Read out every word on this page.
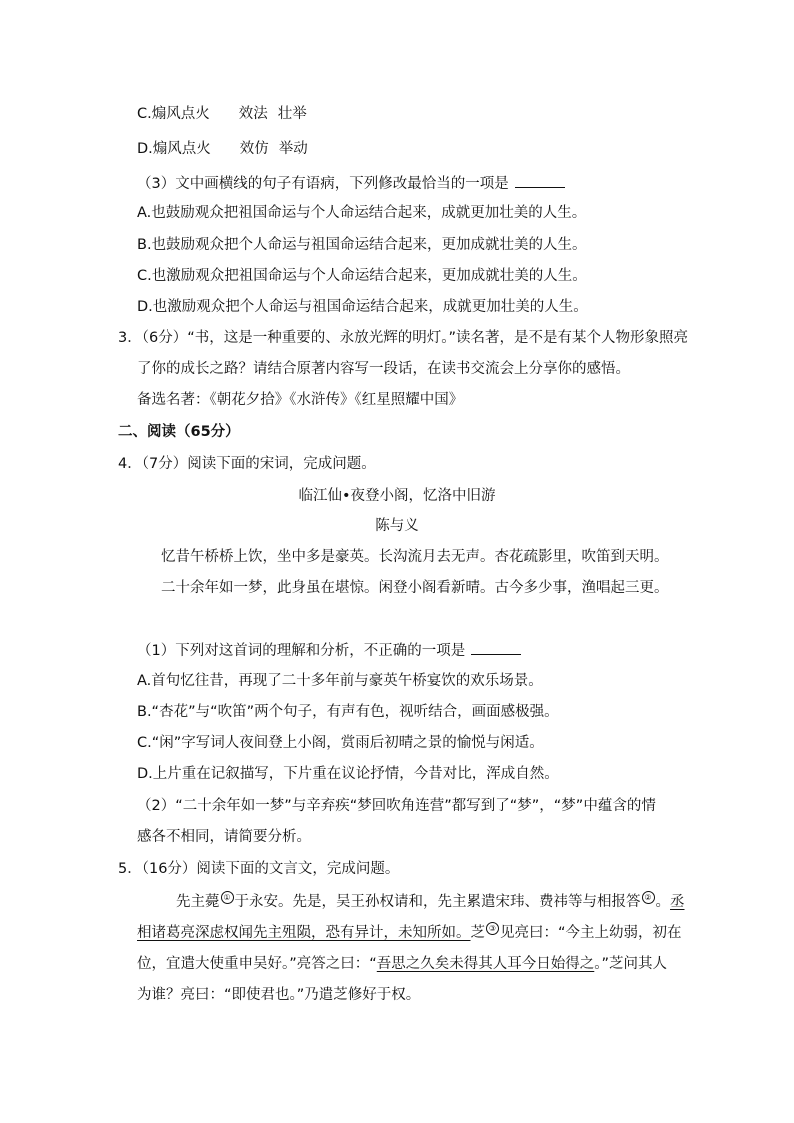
C.煽风点火 效法 壮举
D.煽风点火 效仿 举动
（3）文中画横线的句子有语病，下列修改最恰当的一项是
A.也鼓励观众把祖国命运与个人命运结合起来，成就更加壮美的人生。
B.也鼓励观众把个人命运与祖国命运结合起来，更加成就壮美的人生。
C.也激励观众把祖国命运与个人命运结合起来，更加成就壮美的人生。
D.也激励观众把个人命运与祖国命运结合起来，成就更加壮美的人生。
3．（6分）“书，这是一种重要的、永放光辉的明灯。”读名著，是不是有某个人物形象照亮
了你的成长之路？请结合原著内容写一段话，在读书交流会上分享你的感悟。
备选名著：《朝花夕拾》《水浒传》《红星照耀中国》
二、阅读（65分）
4．（7分）阅读下面的宋词，完成问题。
临江仙•夜登小阁，忆洛中旧游
陈与义
忆昔午桥桥上饮，坐中多是豪英。长沟流月去无声。杏花疏影里，吹笛到天明。
二十余年如一梦，此身虽在堪惊。闲登小阁看新晴。古今多少事，渔唱起三更。
（1）下列对这首词的理解和分析，不正确的一项是
A.首句忆往昔，再现了二十多年前与豪英午桥宴饮的欢乐场景。
B.“杏花”与“吹笛”两个句子，有声有色，视听结合，画面感极强。
C.“闲”字写词人夜间登上小阁，赏雨后初晴之景的愉悦与闲适。
D.上片重在记叙描写，下片重在议论抒情，今昔对比，浑成自然。
（2）“二十余年如一梦”与辛弃疾“梦回吹角连营”都写到了“梦”，“梦”中蕴含的情
感各不相同，请简要分析。
5．（16分）阅读下面的文言文，完成问题。
先主薨 ① 于永安。先是，吴王孙权请和，先主累遣宋玮、费祎等与相报答 ② 。丞
相诸葛亮深虑权闻先主殂陨，恐有异计，未知所如。芝 ③ 见亮曰：“今主上幼弱，初在
位，宜遣大使重申吴好。”亮答之曰：“吾思之久矣未得其人耳今日始得之。”芝问其人
为谁？亮曰：“即使君也。”乃遣芝修好于权。
